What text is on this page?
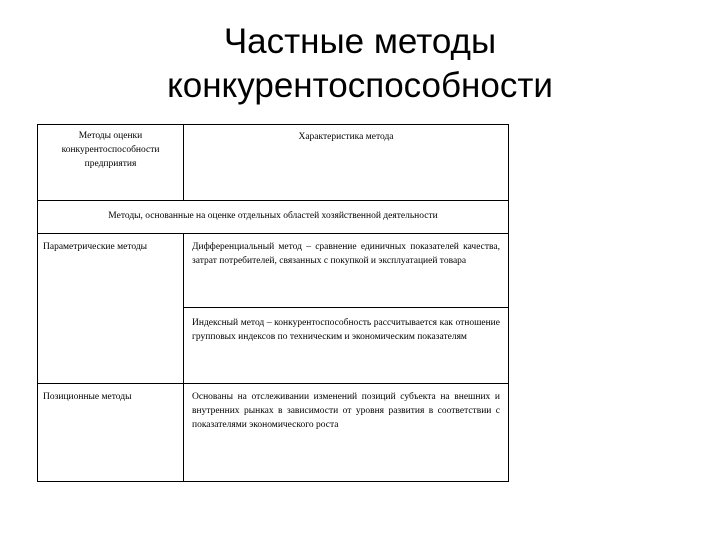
Частные методы
конкурентоспособности
Методы оценки конкурентоспособности предприятия
Характеристика метода
Методы, основанные на оценке отдельных областей хозяйственной деятельности
Параметрические методы	Дифференциальный метод – сравнение единичных показателей качества, затрат потребителей, связанных с покупкой и эксплуатацией товара
Индексный метод – конкурентоспособность рассчитывается как отношение групповых индексов по техническим и экономическим показателям
Позиционные методы	Основаны на отслеживании изменений позиций субъекта на внешних и внутренних рынках в зависимости от уровня развития в соответствии с показателями экономического роста
